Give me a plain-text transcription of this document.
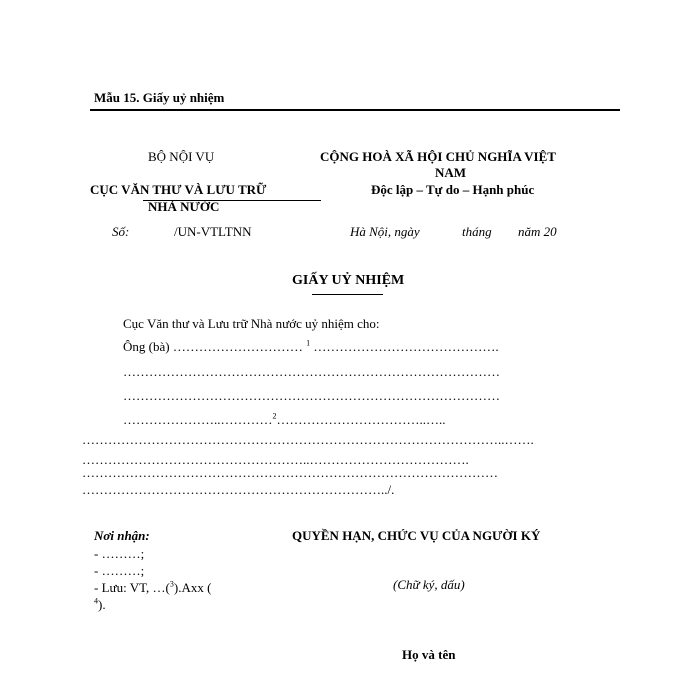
Mẫu 15. Giấy uỷ nhiệm
BỘ NỘI VỤ
CỤC VĂN THƯ VÀ LƯU TRỮ
NHÀ NƯỚC
CỘNG HOÀ XÃ HỘI CHỦ NGHĨA VIỆT
NAM
Độc lập – Tự do – Hạnh phúc
Số:	/UN-VTLTNN	Hà Nội, ngày	tháng năm 20
GIẤY UỶ NHIỆM
Cục Văn thư và Lưu trữ Nhà nước uỷ nhiệm cho:
Ông (bà) ………………………… $^1$ …………………………………….
……………………………………………………………………………
……………………………………………………………………………
…………………..…………$^2$……………………………..…..
……………………………………………………………………………………..…….
……………………………………………..……………………………….
……………………………………………………………………………………
……………………………………………………………../.
Nơi nhận:
- ………;
- ………;
- Lưu: VT, …($^3$).Axx (
$^4$).
QUYỀN HẠN, CHỨC VỤ CỦA NGƯỜI KÝ
(Chữ ký, dấu)
Họ và tên
